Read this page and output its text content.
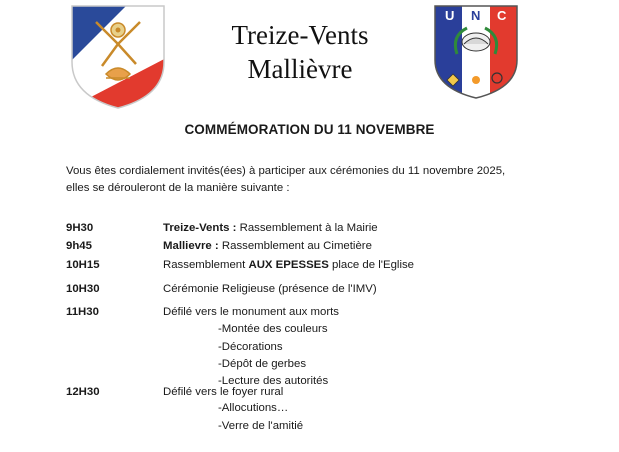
Treize-Vents
Mallièvre
U N C
COMMÉMORATION DU 11 NOVEMBRE
Vous êtes cordialement invités(ées) à participer aux cérémonies du 11 novembre 2025,
elles se dérouleront de la manière suivante :
9H30	Treize-Vents : Rassemblement à la Mairie
9h45	Mallievre : Rassemblement au Cimetière
10H15	Rassemblement AUX EPESSES place de l'Eglise
10H30	Cérémonie Religieuse (présence de l'IMV)
11H30	Défilé vers le monument aux morts
-Montée des couleurs
-Décorations
-Dépôt de gerbes
-Lecture des autorités
12H30	Défilé vers le foyer rural
-Allocutions…
-Verre de l'amitié
